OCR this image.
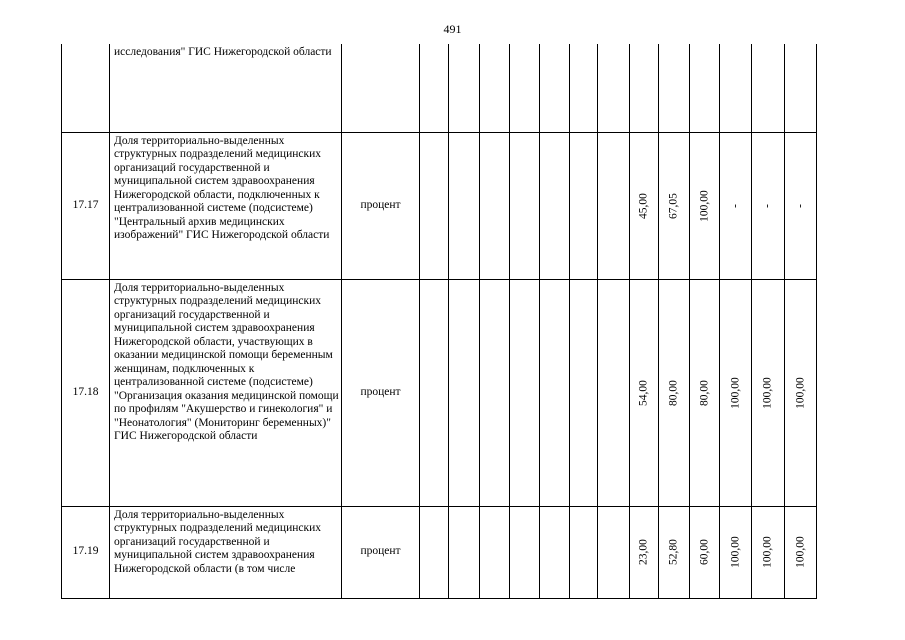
491
	исследования" ГИС Нижегородской области		

17.17	Доля территориально-выделенных структурных подразделений медицинских организаций государственной и муниципальной систем здравоохранения Нижегородской области, подключенных к централизованной системе (подсистеме) "Центральный архив медицинских изображений" ГИС Нижегородской области	процент								45,00	67,05	100,00	-	-	-

17.18	Доля территориально-выделенных структурных подразделений медицинских организаций государственной и муниципальной систем здравоохранения Нижегородской области, участвующих в оказании медицинской помощи беременным женщинам, подключенных к централизованной системе (подсистеме) "Организация оказания медицинской помощи по профилям "Акушерство и гинекология" и "Неонатология" (Мониторинг беременных)" ГИС Нижегородской области	процент								54,00	80,00	80,00	100,00	100,00	100,00

17.19	Доля территориально-выделенных структурных подразделений медицинских организаций государственной и муниципальной систем здравоохранения Нижегородской области (в том числе	процент								23,00	52,80	60,00	100,00	100,00	100,00
